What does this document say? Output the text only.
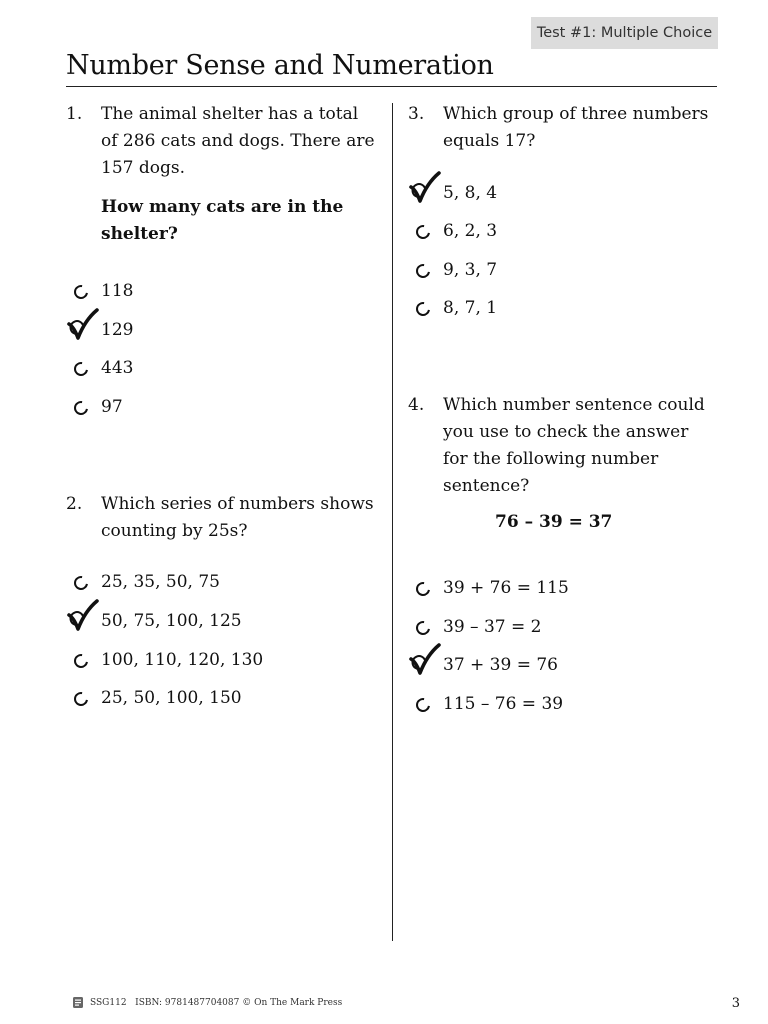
Test #1: Multiple Choice
Number Sense and Numeration
1. The animal shelter has a total

of 286 cats and dogs. There are

157 dogs.

How many cats are in the

shelter?

118
129
443
97
2. Which series of numbers shows

counting by 25s?

25, 35, 50, 75
50, 75, 100, 125
100, 110, 120, 130
25, 50, 100, 150
3. Which group of three numbers

equals 17?

5, 8, 4
6, 2, 3
9, 3, 7
8, 7, 1
4. Which number sentence could

you use to check the answer

for the following number

sentence?

76 – 39 = 37

39 + 76 = 115
39 – 37 = 2
37 + 39 = 76
115 – 76 = 39
SSG112 ISBN: 9781487704087 © On The Mark Press	3
